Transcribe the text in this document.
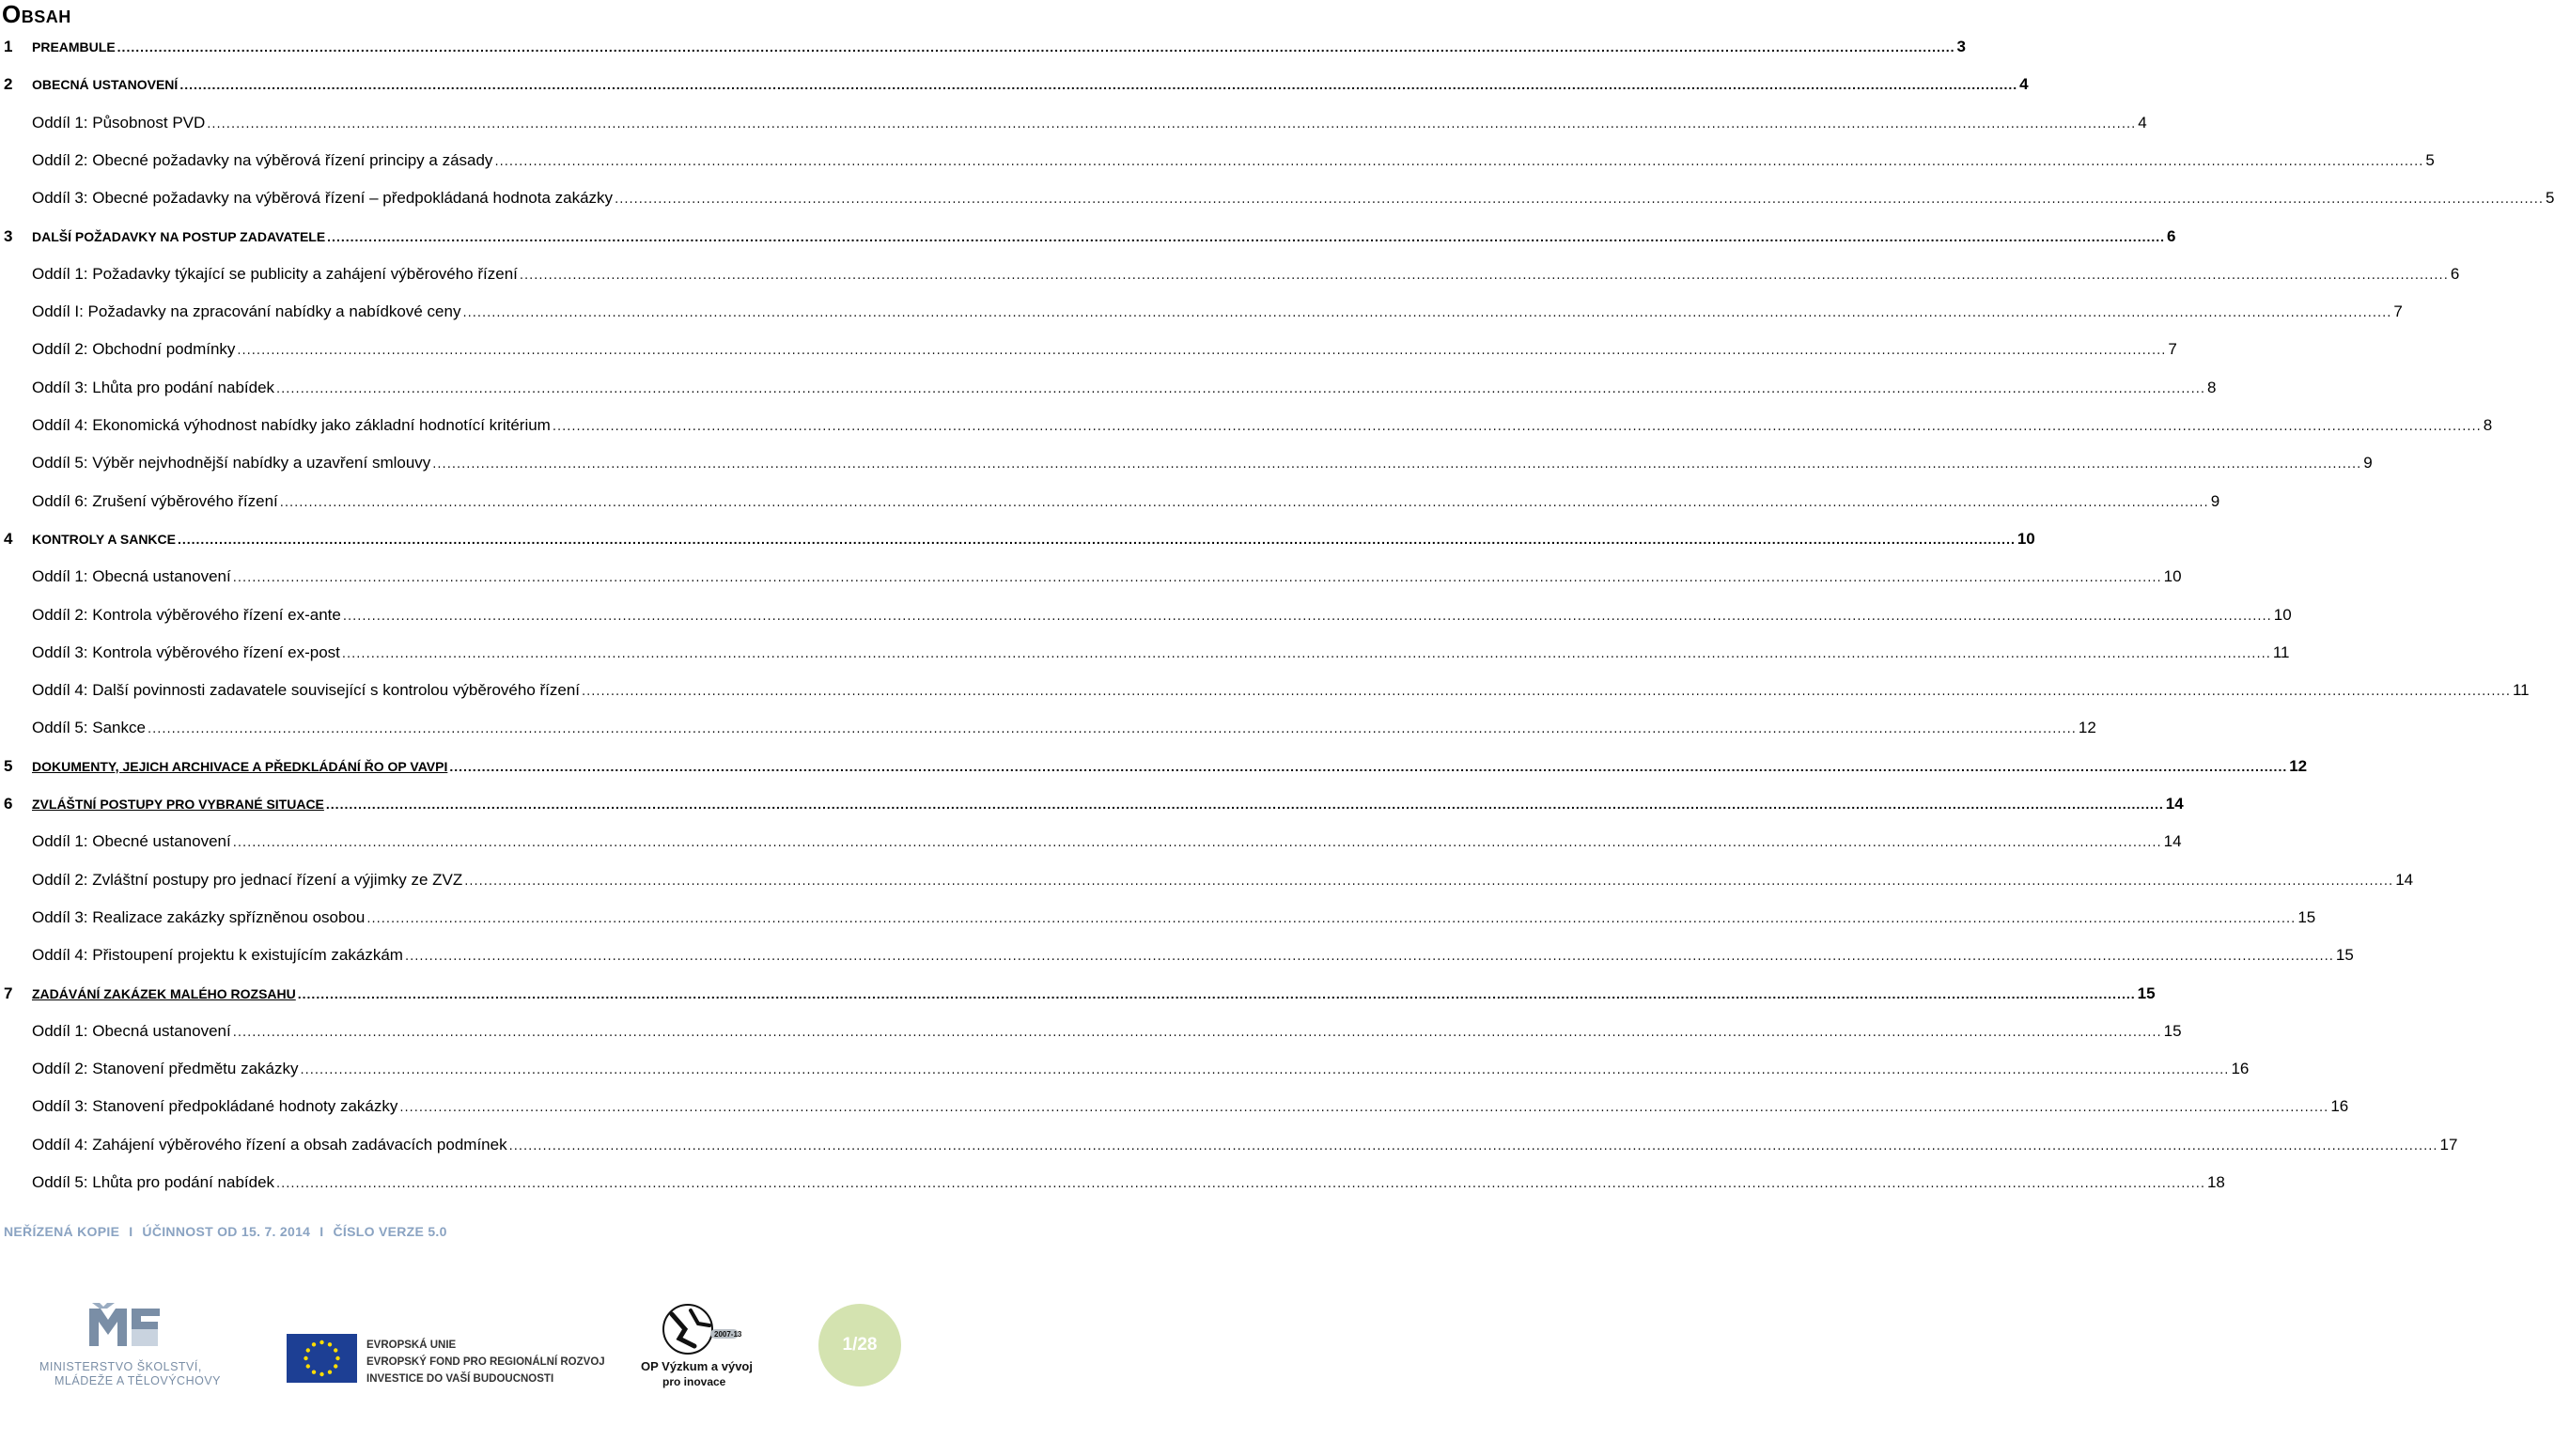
Obsah
1 PREAMBULE ................................................................................................................................................................................................................................................................................................................................................................................................................ 3
2 OBECNÁ USTANOVENÍ ................................................................................................................................................................................................................................................................................................................................................................................................................ 4
Oddíl 1: Působnost PVD ................................................................................................................................................................................................................................................................................................................................................................................................................ 4
Oddíl 2: Obecné požadavky na výběrová řízení principy a zásady ................................................................................................................................................................................................................................................................................................................................................................................................................ 5
Oddíl 3: Obecné požadavky na výběrová řízení – předpokládaná hodnota zakázky ................................................................................................................................................................................................................................................................................................................................................................................................................ 5
3 DALŠÍ POŽADAVKY NA POSTUP ZADAVATELE ................................................................................................................................................................................................................................................................................................................................................................................................................ 6
Oddíl 1: Požadavky týkající se publicity a zahájení výběrového řízení ................................................................................................................................................................................................................................................................................................................................................................................................................ 6
Oddíl I: Požadavky na zpracování nabídky a nabídkové ceny ................................................................................................................................................................................................................................................................................................................................................................................................................ 7
Oddíl 2: Obchodní podmínky ................................................................................................................................................................................................................................................................................................................................................................................................................ 7
Oddíl 3: Lhůta pro podání nabídek ................................................................................................................................................................................................................................................................................................................................................................................................................ 8
Oddíl 4: Ekonomická výhodnost nabídky jako základní hodnotící kritérium ................................................................................................................................................................................................................................................................................................................................................................................................................ 8
Oddíl 5: Výběr nejvhodnější nabídky a uzavření smlouvy ................................................................................................................................................................................................................................................................................................................................................................................................................ 9
Oddíl 6: Zrušení výběrového řízení ................................................................................................................................................................................................................................................................................................................................................................................................................ 9
4 KONTROLY A SANKCE ................................................................................................................................................................................................................................................................................................................................................................................................................ 10
Oddíl 1: Obecná ustanovení ................................................................................................................................................................................................................................................................................................................................................................................................................ 10
Oddíl 2: Kontrola výběrového řízení ex-ante ................................................................................................................................................................................................................................................................................................................................................................................................................ 10
Oddíl 3: Kontrola výběrového řízení ex-post ................................................................................................................................................................................................................................................................................................................................................................................................................ 11
Oddíl 4: Další povinnosti zadavatele související s kontrolou výběrového řízení ................................................................................................................................................................................................................................................................................................................................................................................................................ 11
Oddíl 5: Sankce ................................................................................................................................................................................................................................................................................................................................................................................................................ 12
5 DOKUMENTY, JEJICH ARCHIVACE A PŘEDKLÁDÁNÍ ŘO OP VAVPI ................................................................................................................................................................................................................................................................................................................................................................................................................ 12
6 ZVLÁŠTNÍ POSTUPY PRO VYBRANÉ SITUACE ................................................................................................................................................................................................................................................................................................................................................................................................................ 14
Oddíl 1: Obecné ustanovení ................................................................................................................................................................................................................................................................................................................................................................................................................ 14
Oddíl 2: Zvláštní postupy pro jednací řízení a výjimky ze ZVZ ................................................................................................................................................................................................................................................................................................................................................................................................................ 14
Oddíl 3: Realizace zakázky spřízněnou osobou ................................................................................................................................................................................................................................................................................................................................................................................................................ 15
Oddíl 4: Přistoupení projektu k existujícím zakázkám ................................................................................................................................................................................................................................................................................................................................................................................................................ 15
7 ZADÁVÁNÍ ZAKÁZEK MALÉHO ROZSAHU ................................................................................................................................................................................................................................................................................................................................................................................................................ 15
Oddíl 1: Obecná ustanovení ................................................................................................................................................................................................................................................................................................................................................................................................................ 15
Oddíl 2: Stanovení předmětu zakázky ................................................................................................................................................................................................................................................................................................................................................................................................................ 16
Oddíl 3: Stanovení předpokládané hodnoty zakázky ................................................................................................................................................................................................................................................................................................................................................................................................................ 16
Oddíl 4: Zahájení výběrového řízení a obsah zadávacích podmínek ................................................................................................................................................................................................................................................................................................................................................................................................................ 17
Oddíl 5: Lhůta pro podání nabídek ................................................................................................................................................................................................................................................................................................................................................................................................................ 18
NEŘÍZENÁ KOPIE I ÚČINNOST OD 15. 7. 2014 I ČÍSLO VERZE 5.0
MINISTERSTVO ŠKOLSTVÍ,
MLÁDEŽE A TĚLOVÝCHOVY
EVROPSKÁ UNIE
EVROPSKÝ FOND PRO REGIONÁLNÍ ROZVOJ
INVESTICE DO VAŠÍ BUDOUCNOSTI
2007-13
OP Výzkum a vývoj
pro inovace
1/28
